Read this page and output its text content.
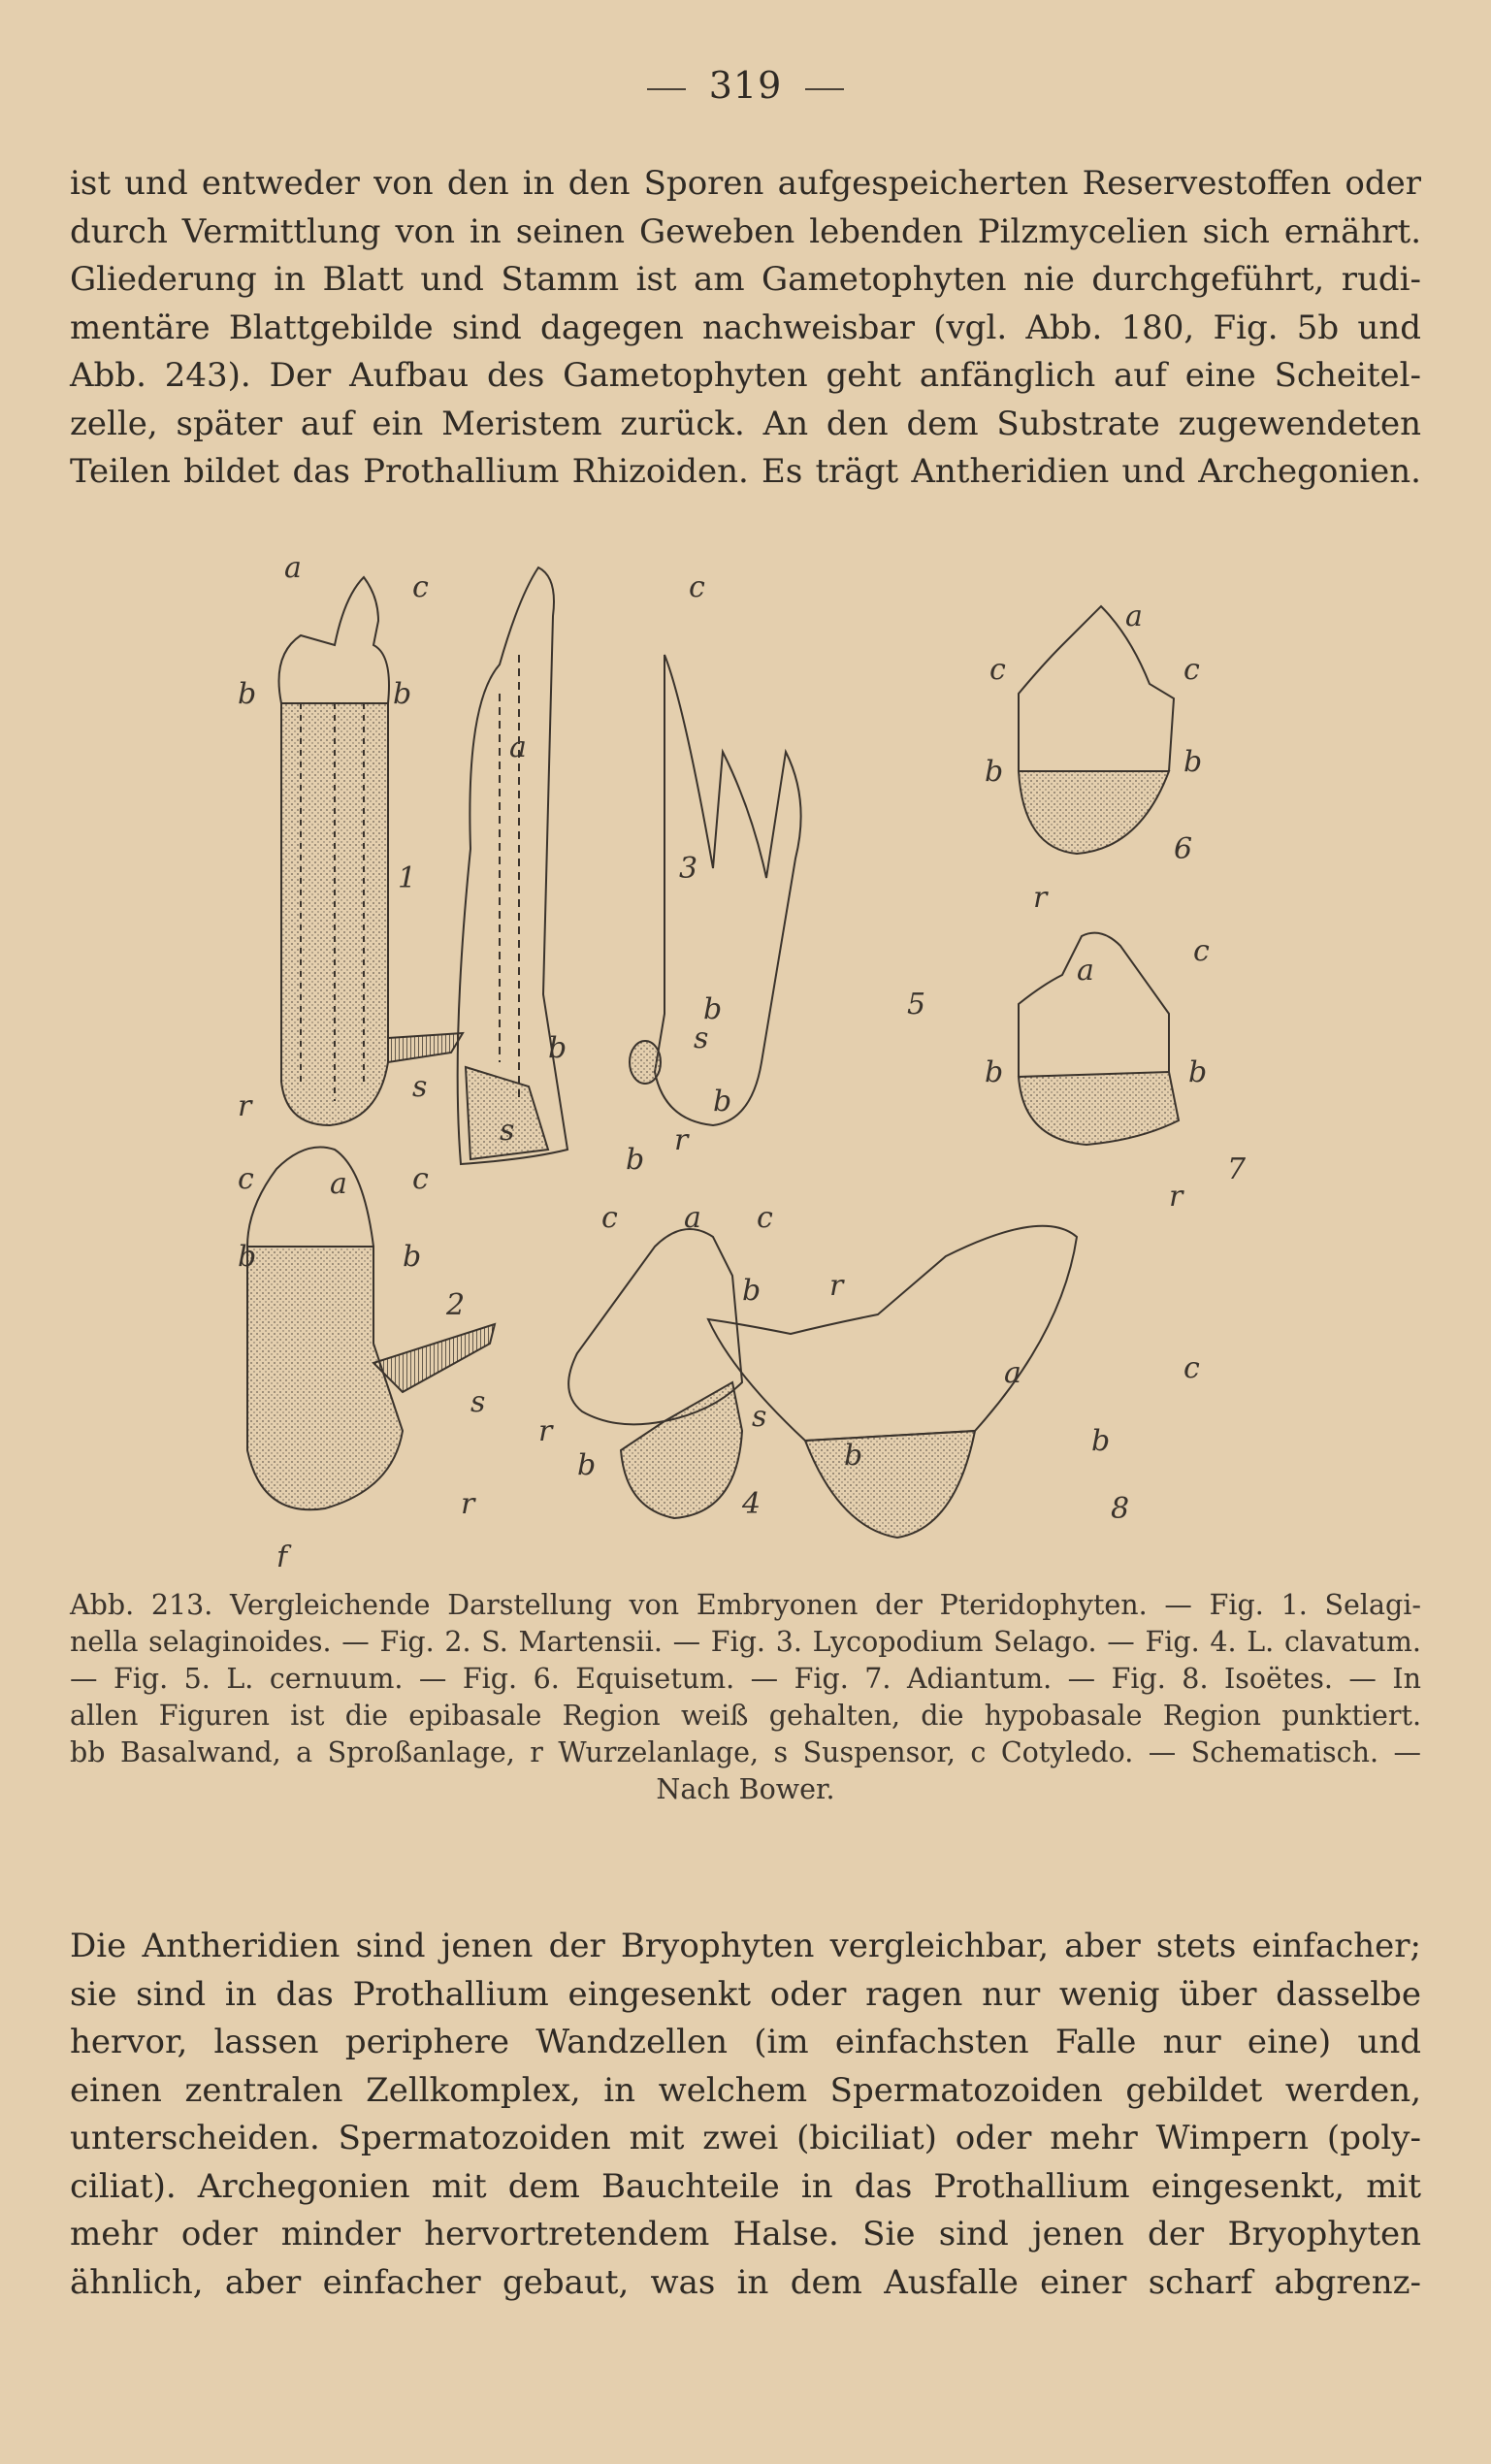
319
ist und entweder von den in den Sporen aufgespeicherten Reservestoffen oder
durch Vermittlung von in seinen Geweben lebenden Pilzmycelien sich ernährt.
Gliederung in Blatt und Stamm ist am Gametophyten nie durchgeführt, rudi-
mentäre Blattgebilde sind dagegen nachweisbar (vgl. Abb. 180, Fig. 5b und
Abb. 243). Der Aufbau des Gametophyten geht anfänglich auf eine Scheitel-
zelle, später auf ein Meristem zurück. An den dem Substrate zugewendeten
Teilen bildet das Prothallium Rhizoiden. Es trägt Antheridien und Archegonien.
a
c
b	b
1
s
r
a
c
3
b
s
b
r
b
s
b
5
a
c	c
b	b
6
r
a
c
b	b
7
r
c	a c
b	b
2
s
r
f
c a c
b
s
r
b
4
r
a	c
b	b
8
Abb. 213. Vergleichende Darstellung von Embryonen der Pteridophyten. — Fig. 1. Selagi-
nella selaginoides. — Fig. 2. S. Martensii. — Fig. 3. Lycopodium Selago. — Fig. 4. L. clavatum.
— Fig. 5. L. cernuum. — Fig. 6. Equisetum. — Fig. 7. Adiantum. — Fig. 8. Isoëtes. — In
allen Figuren ist die epibasale Region weiß gehalten, die hypobasale Region punktiert.
bb Basalwand, a Sproßanlage, r Wurzelanlage, s Suspensor, c Cotyledo. — Schematisch. —
Nach Bower.
Die Antheridien sind jenen der Bryophyten vergleichbar, aber stets einfacher;
sie sind in das Prothallium eingesenkt oder ragen nur wenig über dasselbe
hervor, lassen periphere Wandzellen (im einfachsten Falle nur eine) und
einen zentralen Zellkomplex, in welchem Spermatozoiden gebildet werden,
unterscheiden. Spermatozoiden mit zwei (biciliat) oder mehr Wimpern (poly-
ciliat). Archegonien mit dem Bauchteile in das Prothallium eingesenkt, mit
mehr oder minder hervortretendem Halse. Sie sind jenen der Bryophyten
ähnlich, aber einfacher gebaut, was in dem Ausfalle einer scharf abgrenz-
